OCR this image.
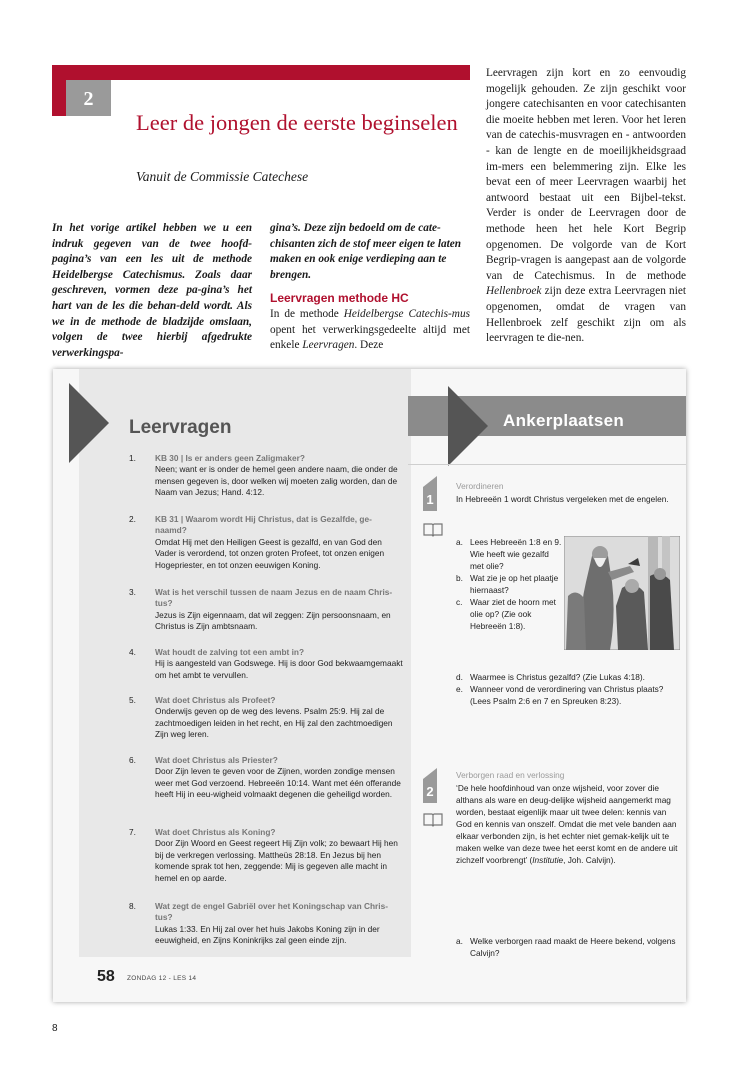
2
Leer de jongen de eerste beginselen
Vanuit de Commissie Catechese
In het vorige artikel hebben we u een indruk gegeven van de twee hoofd-pagina’s van een les uit de methode Heidelbergse Catechismus. Zoals daar geschreven, vormen deze pa-gina’s het hart van de les die behan-deld wordt. Als we in de methode de bladzijde omslaan, volgen de twee hierbij afgedrukte verwerkingspa-
gina’s. Deze zijn bedoeld om de cate-chisanten zich de stof meer eigen te laten maken en ook enige verdieping aan te brengen.
Leervragen methode HC
In de methode Heidelbergse Catechis-mus opent het verwerkingsgedeelte altijd met enkele Leervragen. Deze
Leervragen zijn kort en zo eenvoudig mogelijk gehouden. Ze zijn geschikt voor jongere catechisanten en voor catechisanten die moeite hebben met leren. Voor het leren van de catechis-musvragen en - antwoorden - kan de lengte en de moeilijkheidsgraad im-mers een belemmering zijn. Elke les bevat een of meer Leervragen waarbij het antwoord bestaat uit een Bijbel-tekst. Verder is onder de Leervragen door de methode heen het hele Kort Begrip opgenomen. De volgorde van de Kort Begrip-vragen is aangepast aan de volgorde van de Catechismus. In de methode Hellenbroek zijn deze extra Leervragen niet opgenomen, omdat de vragen van Hellenbroek zelf geschikt zijn om als leervragen te die-nen.
Leervragen
1.	KB 30 | Is er anders geen Zaligmaker?
Neen; want er is onder de hemel geen andere naam, die onder de mensen gegeven is, door welken wij moeten zalig worden, dan de Naam van Jezus; Hand. 4:12.
2.	KB 31 | Waarom wordt Hij Christus, dat is Gezalfde, ge-naamd?
Omdat Hij met den Heiligen Geest is gezalfd, en van God den Vader is verordend, tot onzen groten Profeet, tot onzen enigen Hogepriester, en tot onzen eeuwigen Koning.
3.	Wat is het verschil tussen de naam Jezus en de naam Chris-tus?
Jezus is Zijn eigennaam, dat wil zeggen: Zijn persoonsnaam, en Christus is Zijn ambtsnaam.
4.	Wat houdt de zalving tot een ambt in?
Hij is aangesteld van Godswege. Hij is door God bekwaamgemaakt om het ambt te vervullen.
5.	Wat doet Christus als Profeet?
Onderwijs geven op de weg des levens. Psalm 25:9. Hij zal de zachtmoedigen leiden in het recht, en Hij zal den zachtmoedigen Zijn weg leren.
6.	Wat doet Christus als Priester?
Door Zijn leven te geven voor de Zijnen, worden zondige mensen weer met God verzoend. Hebreeën 10:14. Want met één offerande heeft Hij in eeu-wigheid volmaakt degenen die geheiligd worden.
7.	Wat doet Christus als Koning?
Door Zijn Woord en Geest regeert Hij Zijn volk; zo bewaart Hij hen bij de verkregen verlossing. Mattheüs 28:18. En Jezus bij hen komende sprak tot hen, zeggende: Mij is gegeven alle macht in hemel en op aarde.
8.	Wat zegt de engel Gabriël over het Koningschap van Chris-tus?
Lukas 1:33. En Hij zal over het huis Jakobs Koning zijn in der eeuwigheid, en Zijns Koninkrijks zal geen einde zijn.
58 ZONDAG 12 - LES 14
Ankerplaatsen
1
Verordineren
In Hebreeën 1 wordt Christus vergeleken met de engelen.
a. Lees Hebreeën 1:8 en 9. Wie heeft wie gezalfd met olie?
b. Wat zie je op het plaatje hiernaast?
c. Waar ziet de hoorn met olie op? (Zie ook Hebreeën 1:8).
d. Waarmee is Christus gezalfd? (Zie Lukas 4:18).
e. Wanneer vond de verordinering van Christus plaats? (Lees Psalm 2:6 en 7 en Spreuken 8:23).
2
Verborgen raad en verlossing
‘De hele hoofdinhoud van onze wijsheid, voor zover die althans als ware en deug-delijke wijsheid aangemerkt mag worden, bestaat eigenlijk maar uit twee delen: kennis van God en kennis van onszelf. Omdat die met vele banden aan elkaar verbonden zijn, is het echter niet gemak-kelijk uit te maken welke van deze twee het eerst komt en de andere uit zichzelf voorbrengt’ (Institutie, Joh. Calvijn).
a. Welke verborgen raad maakt de Heere bekend, volgens Calvijn?
8
